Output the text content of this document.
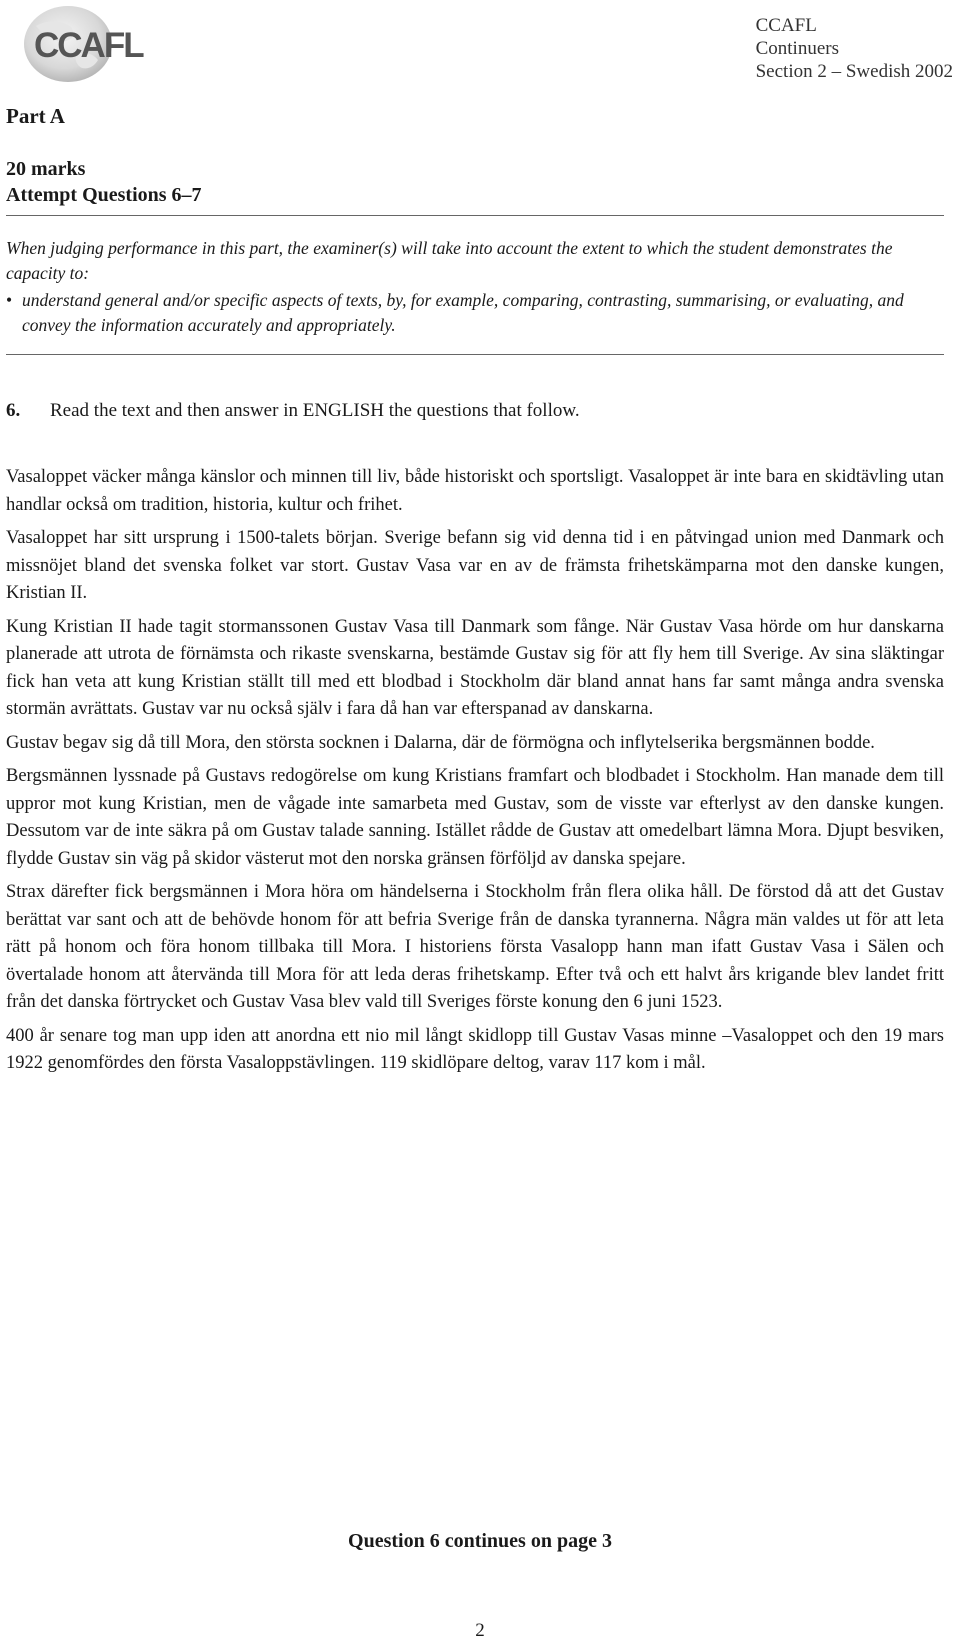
CCAFL
CCAFL
Continuers
Section 2 – Swedish 2002
Part A
20 marks
Attempt Questions 6–7

When judging performance in this part, the examiner(s) will take into account the extent to which the student demonstrates the capacity to:

• understand general and/or specific aspects of texts, by, for example, comparing, contrasting, summarising, or evaluating, and convey the information accurately and appropriately.
6. Read the text and then answer in ENGLISH the questions that follow.

Vasaloppet väcker många känslor och minnen till liv, både historiskt och sportsligt. Vasaloppet är inte bara en skidtävling utan handlar också om tradition, historia, kultur och frihet.

Vasaloppet har sitt ursprung i 1500-talets början. Sverige befann sig vid denna tid i en påtvingad union med Danmark och missnöjet bland det svenska folket var stort. Gustav Vasa var en av de främsta frihetskämparna mot den danske kungen, Kristian II.

Kung Kristian II hade tagit stormanssonen Gustav Vasa till Danmark som fånge. När Gustav Vasa hörde om hur danskarna planerade att utrota de förnämsta och rikaste svenskarna, bestämde Gustav sig för att fly hem till Sverige. Av sina släktingar fick han veta att kung Kristian ställt till med ett blodbad i Stockholm där bland annat hans far samt många andra svenska stormän avrättats. Gustav var nu också själv i fara då han var efterspanad av danskarna.

Gustav begav sig då till Mora, den största socknen i Dalarna, där de förmögna och inflytelserika bergsmännen bodde.

Bergsmännen lyssnade på Gustavs redogörelse om kung Kristians framfart och blodbadet i Stockholm. Han manade dem till uppror mot kung Kristian, men de vågade inte samarbeta med Gustav, som de visste var efterlyst av den danske kungen. Dessutom var de inte säkra på om Gustav talade sanning. Istället rådde de Gustav att omedelbart lämna Mora. Djupt besviken, flydde Gustav sin väg på skidor västerut mot den norska gränsen förföljd av danska spejare.

Strax därefter fick bergsmännen i Mora höra om händelserna i Stockholm från flera olika håll. De förstod då att det Gustav berättat var sant och att de behövde honom för att befria Sverige från de danska tyrannerna. Några män valdes ut för att leta rätt på honom och föra honom tillbaka till Mora. I historiens första Vasalopp hann man ifatt Gustav Vasa i Sälen och övertalade honom att återvända till Mora för att leda deras frihetskamp. Efter två och ett halvt års krigande blev landet fritt från det danska förtrycket och Gustav Vasa blev vald till Sveriges förste konung den 6 juni 1523.

400 år senare tog man upp iden att anordna ett nio mil långt skidlopp till Gustav Vasas minne –Vasaloppet och den 19 mars 1922 genomfördes den första Vasaloppstävlingen. 119 skidlöpare deltog, varav 117 kom i mål.

Question 6 continues on page 3
2
